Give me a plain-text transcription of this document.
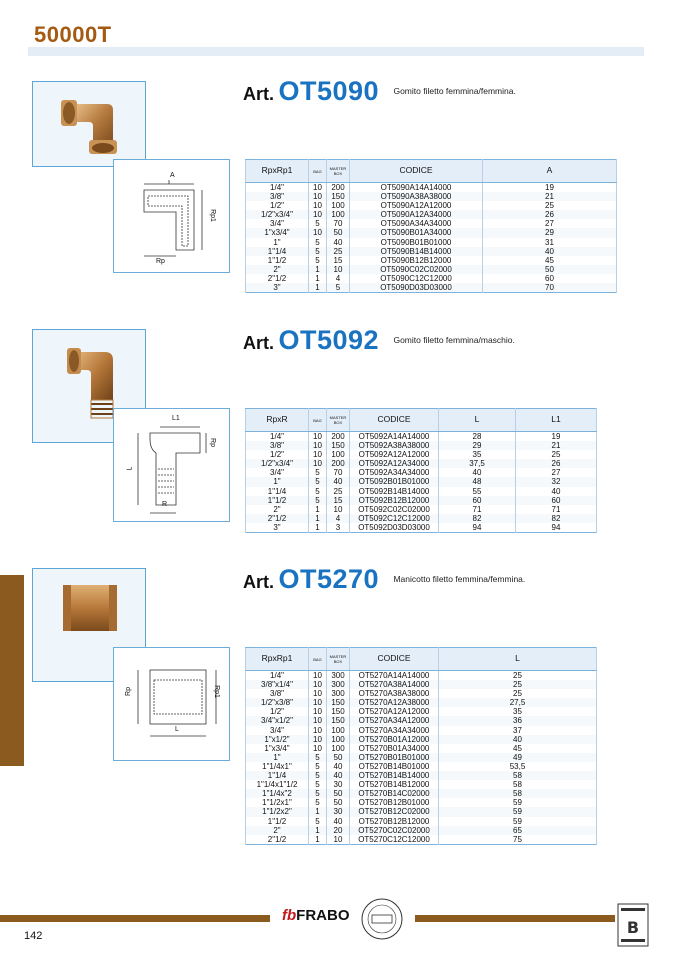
50000T
A
Rp1
Rp
Art. OT5090 $^{Gomito filetto femmina/femmina.}$
RpxRp1	BAG	MASTER BOX	CODICE	A
1/4"	10	200	OT5090A14A14000	19
3/8"	10	150	OT5090A38A38000	21
1/2"	10	100	OT5090A12A12000	25
1/2"x3/4"	10	100	OT5090A12A34000	26
3/4"	5	70	OT5090A34A34000	27
1"x3/4"	10	50	OT5090B01A34000	29
1"	5	40	OT5090B01B01000	31
1"1/4	5	25	OT5090B14B14000	40
1"1/2	5	15	OT5090B12B12000	45
2"	1	10	OT5090C02C02000	50
2"1/2	1	4	OT5090C12C12000	60
3"	1	5	OT5090D03D03000	70
L1
Rp
L
R
Art. OT5092 $^{Gomito filetto femmina/maschio.}$
RpxR	BAG	MASTER BOX	CODICE	L	L1
1/4"	10	200	OT5092A14A14000	28	19
3/8"	10	150	OT5092A38A38000	29	21
1/2"	10	100	OT5092A12A12000	35	25
1/2"x3/4"	10	200	OT5092A12A34000	37,5	26
3/4"	5	70	OT5092A34A34000	40	27
1"	5	40	OT5092B01B01000	48	32
1"1/4	5	25	OT5092B14B14000	55	40
1"1/2	5	15	OT5092B12B12000	60	60
2"	1	10	OT5092C02C02000	71	71
2"1/2	1	4	OT5092C12C12000	82	82
3"	1	3	OT5092D03D03000	94	94
Rp	Rp1
L
Art. OT5270 $^{Manicotto filetto femmina/femmina.}$
RpxRp1	BAG	MASTER BOX	CODICE	L
1/4"	10	300	OT5270A14A14000	25
3/8"x1/4"	10	300	OT5270A38A14000	25
3/8"	10	300	OT5270A38A38000	25
1/2"x3/8"	10	150	OT5270A12A38000	27,5
1/2"	10	150	OT5270A12A12000	35
3/4"x1/2"	10	150	OT5270A34A12000	36
3/4"	10	100	OT5270A34A34000	37
1"x1/2"	10	100	OT5270B01A12000	40
1"x3/4"	10	100	OT5270B01A34000	45
1"	5	50	OT5270B01B01000	49
1"1/4x1"	5	40	OT5270B14B01000	53,5
1"1/4	5	40	OT5270B14B14000	58
1"1/4x1"1/2	5	30	OT5270B14B12000	58
1"1/4x"2	5	50	OT5270B14C02000	58
1"1/2x1"	5	50	OT5270B12B01000	59
1"1/2x2"	1	30	OT5270B12C02000	59
1"1/2	5	40	OT5270B12B12000	59
2"	1	20	OT5270C02C02000	65
2"1/2	1	10	OT5270C12C12000	75
fbFRABO
B
142
